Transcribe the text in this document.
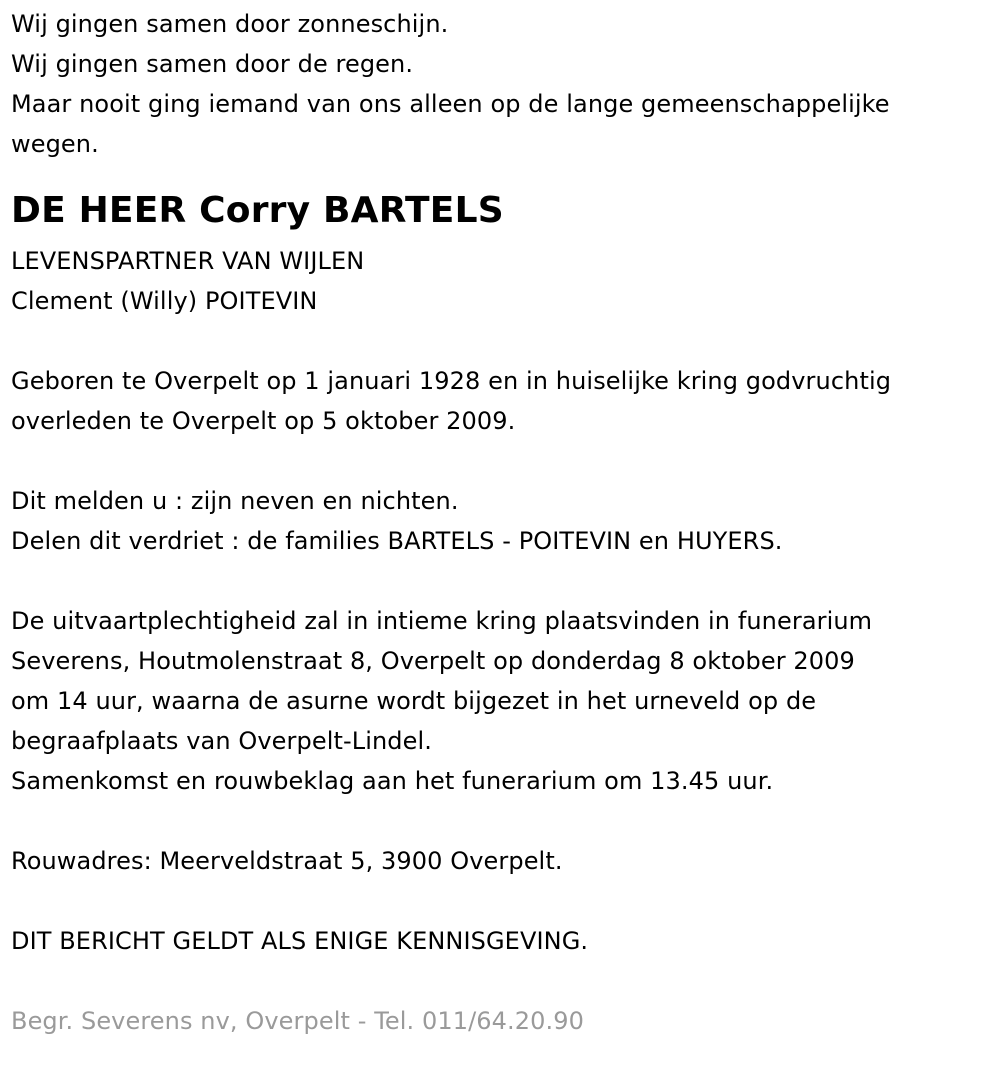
Wij gingen samen door zonneschijn.
Wij gingen samen door de regen.
Maar nooit ging iemand van ons alleen op de lange gemeenschappelijke
wegen.
DE HEER Corry BARTELS
LEVENSPARTNER VAN WIJLEN
Clement (Willy) POITEVIN
Geboren te Overpelt op 1 januari 1928 en in huiselijke kring godvruchtig
overleden te Overpelt op 5 oktober 2009.
Dit melden u : zijn neven en nichten.
Delen dit verdriet : de families BARTELS - POITEVIN en HUYERS.
De uitvaartplechtigheid zal in intieme kring plaatsvinden in funerarium
Severens, Houtmolenstraat 8, Overpelt op donderdag 8 oktober 2009
om 14 uur, waarna de asurne wordt bijgezet in het urneveld op de
begraafplaats van Overpelt-Lindel.
Samenkomst en rouwbeklag aan het funerarium om 13.45 uur.
Rouwadres: Meerveldstraat 5, 3900 Overpelt.
DIT BERICHT GELDT ALS ENIGE KENNISGEVING.
Begr. Severens nv, Overpelt - Tel. 011/64.20.90
